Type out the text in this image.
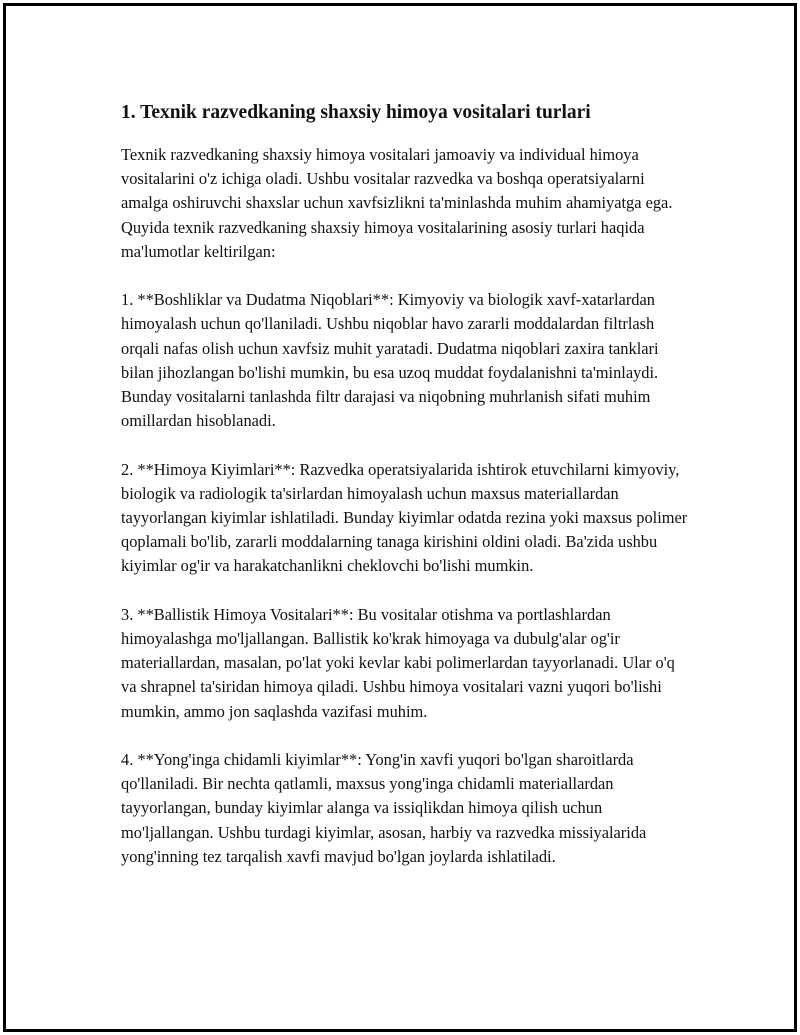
1. Texnik razvedkaning shaxsiy himoya vositalari turlari

Texnik razvedkaning shaxsiy himoya vositalari jamoaviy va individual himoya vositalarini o'z ichiga oladi. Ushbu vositalar razvedka va boshqa operatsiyalarni amalga oshiruvchi shaxslar uchun xavfsizlikni ta'minlashda muhim ahamiyatga ega. Quyida texnik razvedkaning shaxsiy himoya vositalarining asosiy turlari haqida ma'lumotlar keltirilgan:

1. **Boshliklar va Dudatma Niqoblari**: Kimyoviy va biologik xavf-xatarlardan himoyalash uchun qo'llaniladi. Ushbu niqoblar havo zararli moddalardan filtrlash orqali nafas olish uchun xavfsiz muhit yaratadi. Dudatma niqoblari zaxira tanklari bilan jihozlangan bo'lishi mumkin, bu esa uzoq muddat foydalanishni ta'minlaydi. Bunday vositalarni tanlashda filtr darajasi va niqobning muhrlanish sifati muhim omillardan hisoblanadi.

2. **Himoya Kiyimlari**: Razvedka operatsiyalarida ishtirok etuvchilarni kimyoviy, biologik va radiologik ta'sirlardan himoyalash uchun maxsus materiallardan tayyorlangan kiyimlar ishlatiladi. Bunday kiyimlar odatda rezina yoki maxsus polimer qoplamali bo'lib, zararli moddalarning tanaga kirishini oldini oladi. Ba'zida ushbu kiyimlar og'ir va harakatchanlikni cheklovchi bo'lishi mumkin.

3. **Ballistik Himoya Vositalari**: Bu vositalar otishma va portlashlardan himoyalashga mo'ljallangan. Ballistik ko'krak himoyaga va dubulg'alar og'ir materiallardan, masalan, po'lat yoki kevlar kabi polimerlardan tayyorlanadi. Ular o'q va shrapnel ta'siridan himoya qiladi. Ushbu himoya vositalari vazni yuqori bo'lishi mumkin, ammo jon saqlashda vazifasi muhim.

4. **Yong'inga chidamli kiyimlar**: Yong'in xavfi yuqori bo'lgan sharoitlarda qo'llaniladi. Bir nechta qatlamli, maxsus yong'inga chidamli materiallardan tayyorlangan, bunday kiyimlar alanga va issiqlikdan himoya qilish uchun mo'ljallangan. Ushbu turdagi kiyimlar, asosan, harbiy va razvedka missiyalarida yong'inning tez tarqalish xavfi mavjud bo'lgan joylarda ishlatiladi.
